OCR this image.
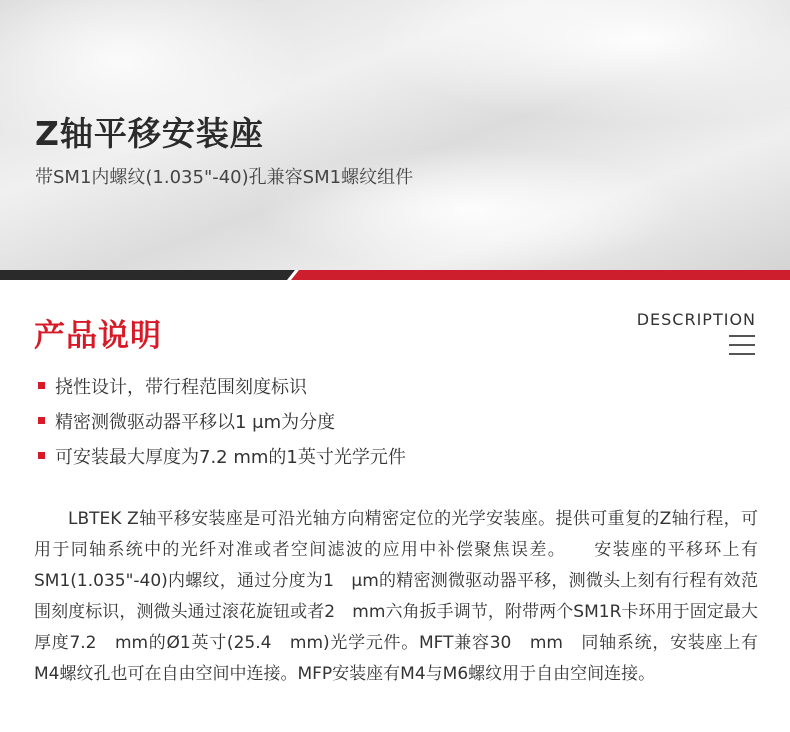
Z轴平移安装座
带SM1内螺纹(1.035"-40)孔兼容SM1螺纹组件
产品说明	DESCRIPTION
挠性设计，带行程范围刻度标识
精密测微驱动器平移以1 μm为分度
可安装最大厚度为7.2 mm的1英寸光学元件

LBTEK Z轴平移安装座是可沿光轴方向精密定位的光学安装座。提供可重复的Z轴行程，可用于同轴系统中的光纤对准或者空间滤波的应用中补偿聚焦误差。　　安装座的平移环上有SM1(1.035"-40)内螺纹，通过分度为1　μm的精密测微驱动器平移，测微头上刻有行程有效范围刻度标识，测微头通过滚花旋钮或者2　mm六角扳手调节，附带两个SM1R卡环用于固定最大厚度7.2　mm的Ø1英寸(25.4　mm)光学元件。MFT兼容30　mm　同轴系统，安装座上有M4螺纹孔也可在自由空间中连接。MFP安装座有M4与M6螺纹用于自由空间连接。
